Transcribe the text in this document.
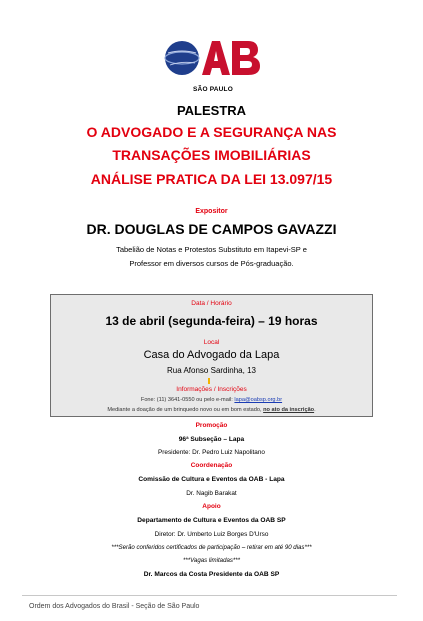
SÃO PAULO
PALESTRA
O ADVOGADO E A SEGURANÇA NAS
TRANSAÇÕES IMOBILIÁRIAS
ANÁLISE PRATICA DA LEI 13.097/15
Expositor
DR. DOUGLAS DE CAMPOS GAVAZZI
Tabelião de Notas e Protestos Substituto em Itapevi-SP e
Professor em diversos cursos de Pós-graduação.
Data / Horário
13 de abril (segunda-feira) – 19 horas
Local
Casa do Advogado da Lapa
Rua Afonso Sardinha, 13
Informações / Inscrições
Fone: (11) 3641-0550 ou pelo e-mail: lapa@oabsp.org.br
Mediante a doação de um brinquedo novo ou em bom estado, no ato da inscrição.
Promoção
96ª Subseção – Lapa
Presidente: Dr. Pedro Luiz Napolitano
Coordenação
Comissão de Cultura e Eventos da OAB - Lapa
Dr. Nagib Barakat
Apoio
Departamento de Cultura e Eventos da OAB SP
Diretor: Dr. Umberto Luiz Borges D'Urso
***Serão conferidos certificados de participação – retirar em até 90 dias***
***Vagas limitadas***
Dr. Marcos da Costa Presidente da OAB SP
Ordem dos Advogados do Brasil - Seção de São Paulo
